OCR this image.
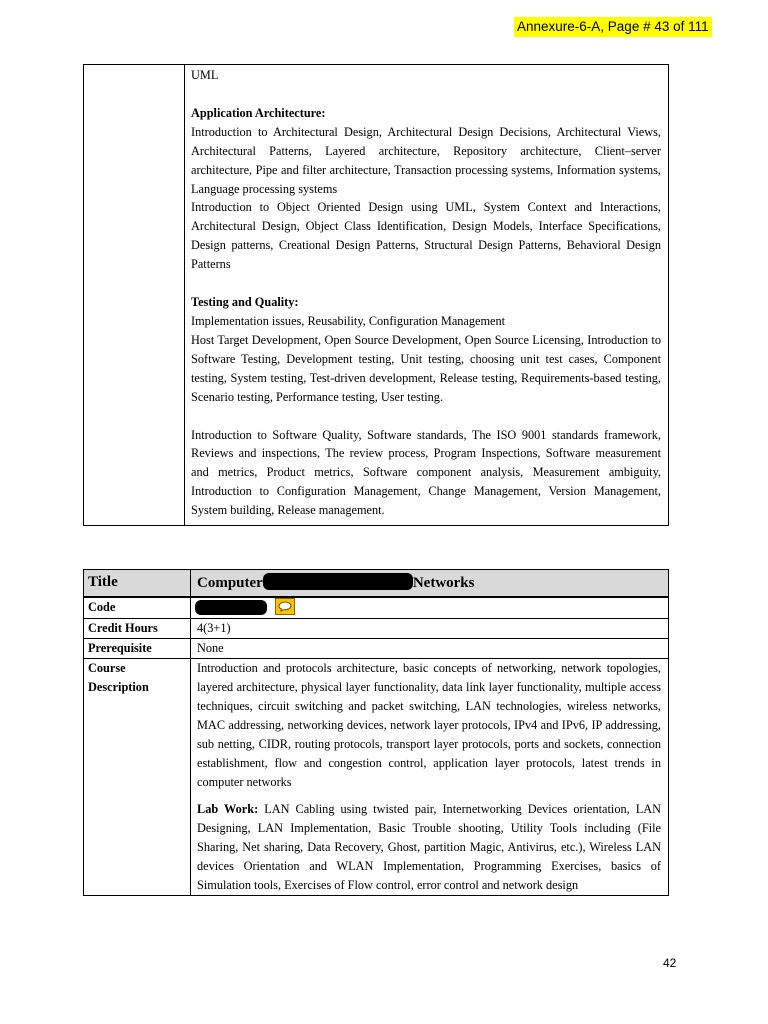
Annexure-6-A, Page # 43 of 111

UML

Application Architecture:

Introduction to Architectural Design, Architectural Design Decisions, Architectural Views, Architectural Patterns, Layered architecture, Repository architecture, Client–server architecture, Pipe and filter architecture, Transaction processing systems, Information systems, Language processing systems

Introduction to Object Oriented Design using UML, System Context and Interactions, Architectural Design, Object Class Identification, Design Models, Interface Specifications, Design patterns, Creational Design Patterns, Structural Design Patterns, Behavioral Design Patterns

Testing and Quality:

Implementation issues, Reusability, Configuration Management

Host Target Development, Open Source Development, Open Source Licensing, Introduction to Software Testing, Development testing, Unit testing, choosing unit test cases, Component testing, System testing, Test-driven development, Release testing, Requirements-based testing, Scenario testing, Performance testing, User testing.

Introduction to Software Quality, Software standards, The ISO 9001 standards framework, Reviews and inspections, The review process, Program Inspections, Software measurement and metrics, Product metrics, Software component analysis, Measurement ambiguity, Introduction to Configuration Management, Change Management, Version Management, System building, Release management.

Title	Computer Networks
Code	

Credit Hours	4(3+1)
Prerequisite	None
Course Description	Introduction and protocols architecture, basic concepts of networking, network topologies, layered architecture, physical layer functionality, data link layer functionality, multiple access techniques, circuit switching and packet switching, LAN technologies, wireless networks, MAC addressing, networking devices, network layer protocols, IPv4 and IPv6, IP addressing, sub netting, CIDR, routing protocols, transport layer protocols, ports and sockets, connection establishment, flow and congestion control, application layer protocols, latest trends in computer networks

Lab Work: LAN Cabling using twisted pair, Internetworking Devices orientation, LAN Designing, LAN Implementation, Basic Trouble shooting, Utility Tools including (File Sharing, Net sharing, Data Recovery, Ghost, partition Magic, Antivirus, etc.), Wireless LAN devices Orientation and WLAN Implementation, Programming Exercises, basics of Simulation tools, Exercises of Flow control, error control and network design

42
